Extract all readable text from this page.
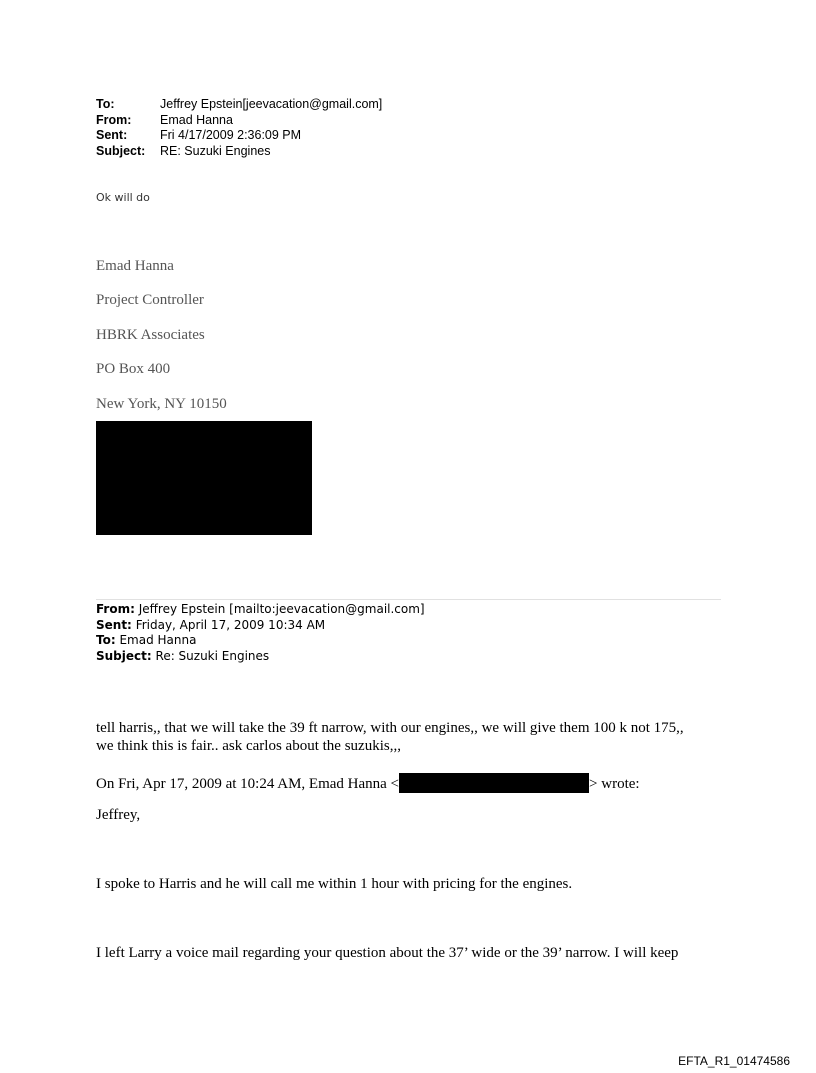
To:	Jeffrey Epstein[jeevacation@gmail.com]
From:	Emad Hanna
Sent:	Fri 4/17/2009 2:36:09 PM
Subject:	RE: Suzuki Engines
Ok will do
Emad Hanna
Project Controller
HBRK Associates
PO Box 400
New York, NY 10150
From: Jeffrey Epstein [mailto:jeevacation@gmail.com]
Sent: Friday, April 17, 2009 10:34 AM
To: Emad Hanna
Subject: Re: Suzuki Engines
tell harris,, that we will take the 39 ft narrow, with our engines,, we will give them 100 k not 175,, we think this is fair.. ask carlos about the suzukis,,,
On Fri, Apr 17, 2009 at 10:24 AM, Emad Hanna <	> wrote:
Jeffrey,
I spoke to Harris and he will call me within 1 hour with pricing for the engines.
I left Larry a voice mail regarding your question about the 37’ wide or the 39’ narrow. I will keep
EFTA_R1_01474586
